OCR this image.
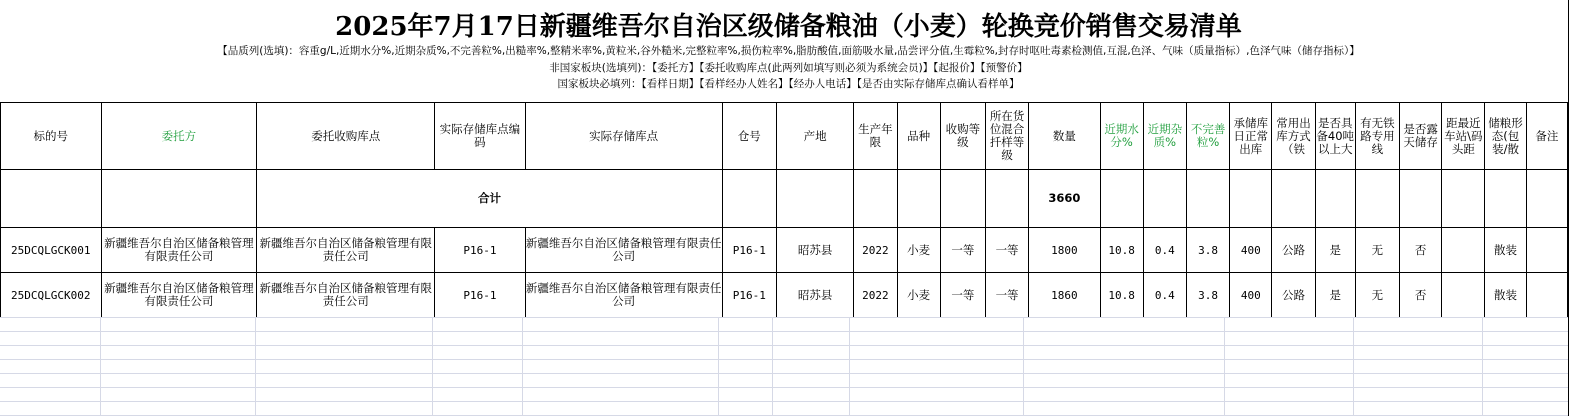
2025年7月17日新疆维吾尔自治区级储备粮油（小麦）轮换竞价销售交易清单
【品质列(选填)：容重g/L,近期水分%,近期杂质%,不完善粒%,出糙率%,整精米率%,黄粒米,谷外糙米,完整粒率%,损伤粒率%,脂肪酸值,面筋吸水量,品尝评分值,生霉粒%,封存时呕吐毒素检测值,互混,色泽、气味（质量指标）,色泽气味（储存指标）】
非国家板块(选填列)：【委托方】【委托收购库点(此两列如填写则必须为系统会员)】【起报价】【预警价】
国家板块必填列：【看样日期】【看样经办人姓名】【经办人电话】【是否由实际存储库点确认看样单】
标的号	委托方	委托收购库点	实际存储库点编码	实际存储库点	仓号	产地	生产年限	品种	收购等级	所在货位混合扦样等级	数量	近期水分%	近期杂质%	不完善粒%	承储库日正常出库	常用出库方式（铁	是否具备40吨以上大	有无铁路专用线	是否露天储存	距最近车站\码头距	储粮形态(包装/散	备注
		合计									3660											
25DCQLGCK001	新疆维吾尔自治区储备粮管理有限责任公司	新疆维吾尔自治区储备粮管理有限责任公司	P16-1	新疆维吾尔自治区储备粮管理有限责任公司	P16-1	昭苏县	2022	小麦	一等	一等	1800	10.8	0.4	3.8	400	公路	是	无	否		散装	
25DCQLGCK002	新疆维吾尔自治区储备粮管理有限责任公司	新疆维吾尔自治区储备粮管理有限责任公司	P16-1	新疆维吾尔自治区储备粮管理有限责任公司	P16-1	昭苏县	2022	小麦	一等	一等	1860	10.8	0.4	3.8	400	公路	是	无	否		散装	
